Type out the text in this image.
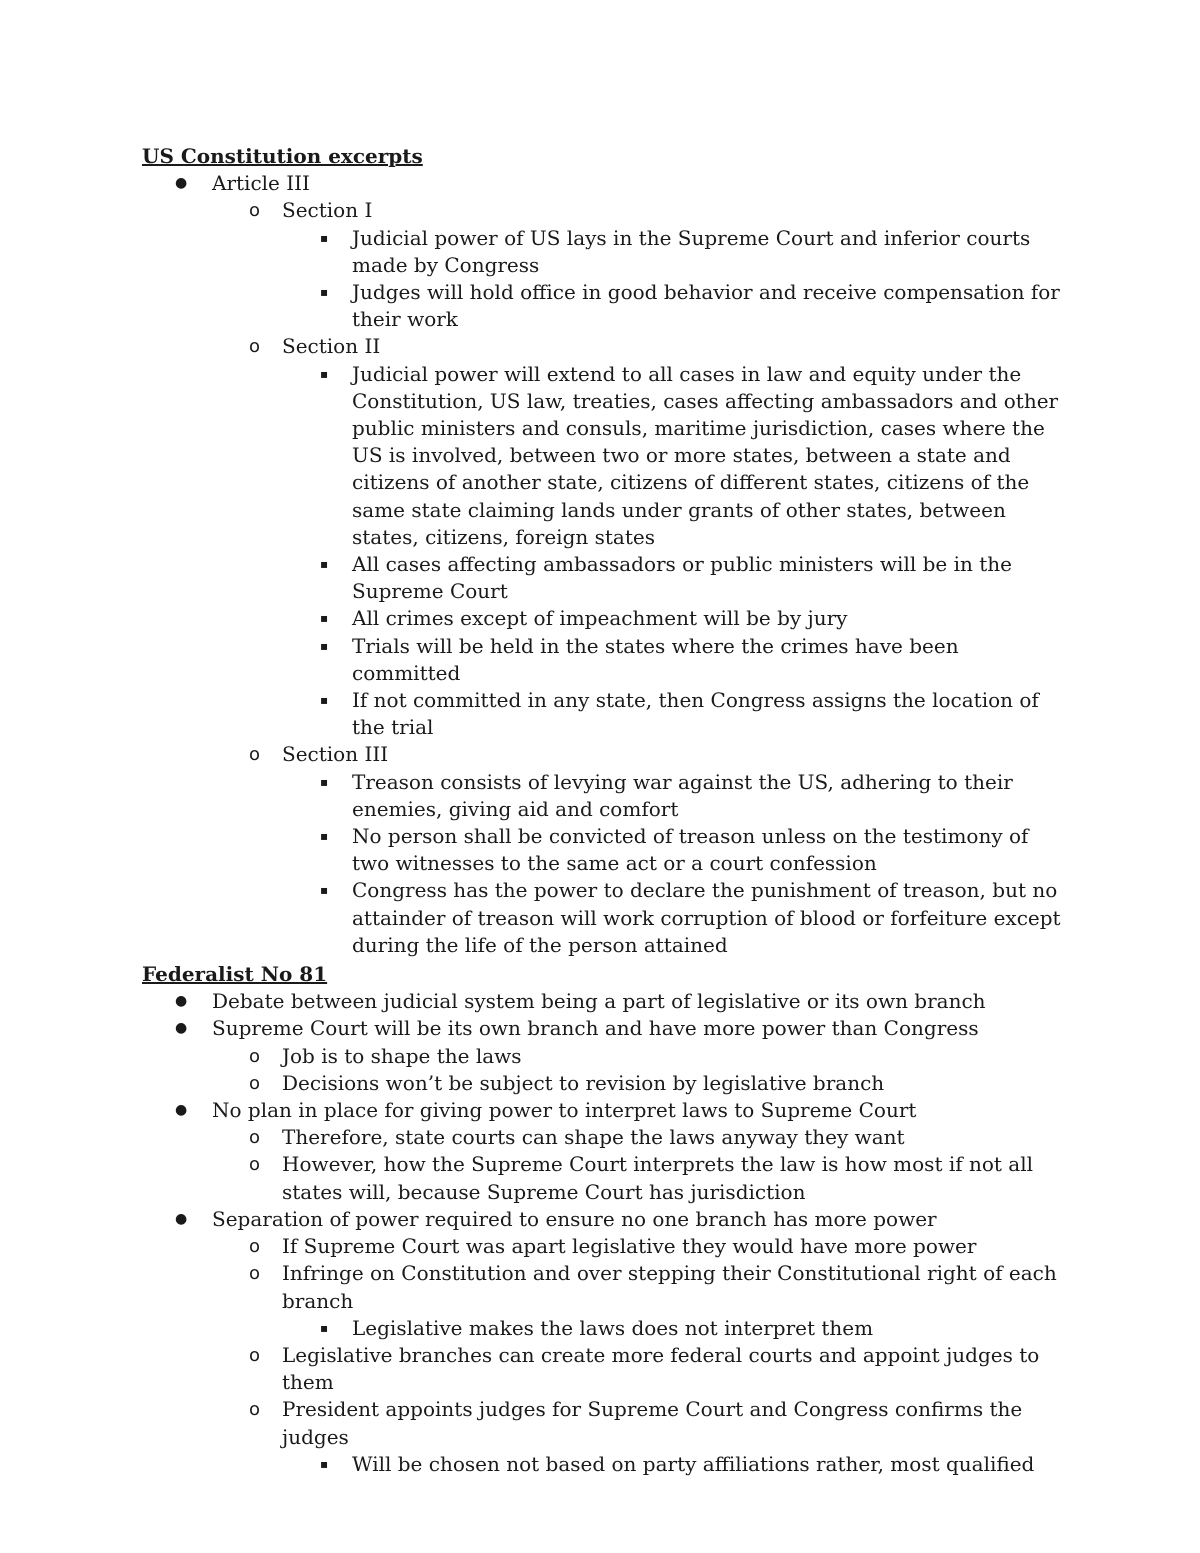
US Constitution excerpts
● Article III
o Section I
▪ Judicial power of US lays in the Supreme Court and inferior courts made by Congress
▪ Judges will hold office in good behavior and receive compensation for their work
o Section II
▪ Judicial power will extend to all cases in law and equity under the Constitution, US law, treaties, cases affecting ambassadors and other public ministers and consuls, maritime jurisdiction, cases where the US is involved, between two or more states, between a state and citizens of another state, citizens of different states, citizens of the same state claiming lands under grants of other states, between states, citizens, foreign states
▪ All cases affecting ambassadors or public ministers will be in the Supreme Court
▪ All crimes except of impeachment will be by jury
▪ Trials will be held in the states where the crimes have been committed
▪ If not committed in any state, then Congress assigns the location of the trial
o Section III
▪ Treason consists of levying war against the US, adhering to their enemies, giving aid and comfort
▪ No person shall be convicted of treason unless on the testimony of two witnesses to the same act or a court confession
▪ Congress has the power to declare the punishment of treason, but no attainder of treason will work corruption of blood or forfeiture except during the life of the person attained
Federalist No 81
● Debate between judicial system being a part of legislative or its own branch
● Supreme Court will be its own branch and have more power than Congress
o Job is to shape the laws
o Decisions won’t be subject to revision by legislative branch
● No plan in place for giving power to interpret laws to Supreme Court
o Therefore, state courts can shape the laws anyway they want
o However, how the Supreme Court interprets the law is how most if not all states will, because Supreme Court has jurisdiction
● Separation of power required to ensure no one branch has more power
o If Supreme Court was apart legislative they would have more power
o Infringe on Constitution and over stepping their Constitutional right of each branch
▪ Legislative makes the laws does not interpret them
o Legislative branches can create more federal courts and appoint judges to them
o President appoints judges for Supreme Court and Congress confirms the judges
▪ Will be chosen not based on party affiliations rather, most qualified
